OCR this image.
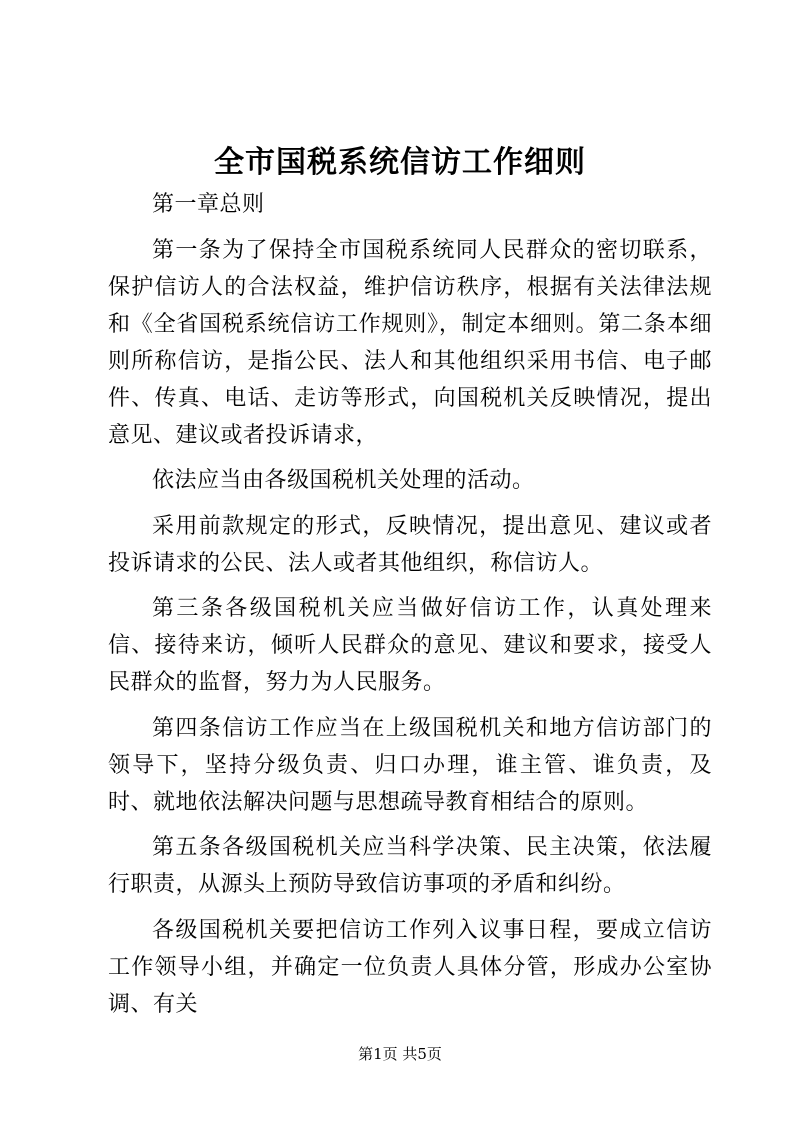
全市国税系统信访工作细则

第一章总则

第一条为了保持全市国税系统同人民群众的密切联系，保护信访人的合法权益，维护信访秩序，根据有关法律法规和《全省国税系统信访工作规则》，制定本细则。第二条本细则所称信访，是指公民、法人和其他组织采用书信、电子邮件、传真、电话、走访等形式，向国税机关反映情况，提出意见、建议或者投诉请求，

依法应当由各级国税机关处理的活动。

采用前款规定的形式，反映情况，提出意见、建议或者投诉请求的公民、法人或者其他组织，称信访人。

第三条各级国税机关应当做好信访工作，认真处理来信、接待来访，倾听人民群众的意见、建议和要求，接受人民群众的监督，努力为人民服务。

第四条信访工作应当在上级国税机关和地方信访部门的领导下，坚持分级负责、归口办理，谁主管、谁负责，及时、就地依法解决问题与思想疏导教育相结合的原则。

第五条各级国税机关应当科学决策、民主决策，依法履行职责，从源头上预防导致信访事项的矛盾和纠纷。

各级国税机关要把信访工作列入议事日程，要成立信访工作领导小组，并确定一位负责人具体分管，形成办公室协调、有关

第1页 共5页
